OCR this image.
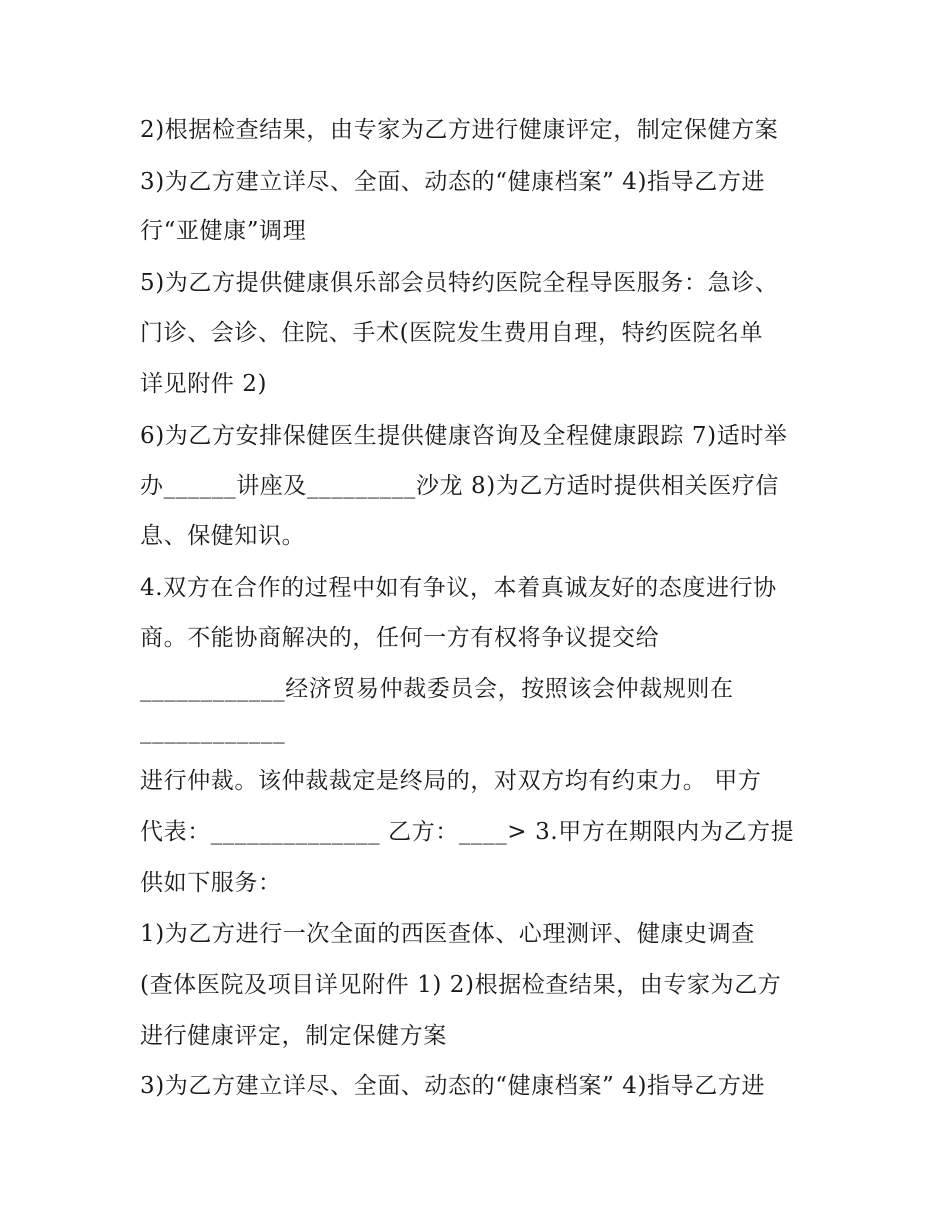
2)根据检查结果，由专家为乙方进行健康评定，制定保健方案
3)为乙方建立详尽、全面、动态的“健康档案” 4)指导乙方进
行“亚健康”调理
5)为乙方提供健康俱乐部会员特约医院全程导医服务：急诊、
门诊、会诊、住院、手术(医院发生费用自理，特约医院名单
详见附件 2)
6)为乙方安排保健医生提供健康咨询及全程健康跟踪 7)适时举
办______讲座及_________沙龙 8)为乙方适时提供相关医疗信
息、保健知识。
4.双方在合作的过程中如有争议，本着真诚友好的态度进行协
商。不能协商解决的，任何一方有权将争议提交给
____________经济贸易仲裁委员会，按照该会仲裁规则在
____________
进行仲裁。该仲裁裁定是终局的，对双方均有约束力。 甲方
代表：______________ 乙方：____> 3.甲方在期限内为乙方提
供如下服务：
1)为乙方进行一次全面的西医查体、心理测评、健康史调查
(查体医院及项目详见附件 1) 2)根据检查结果，由专家为乙方
进行健康评定，制定保健方案
3)为乙方建立详尽、全面、动态的“健康档案” 4)指导乙方进
